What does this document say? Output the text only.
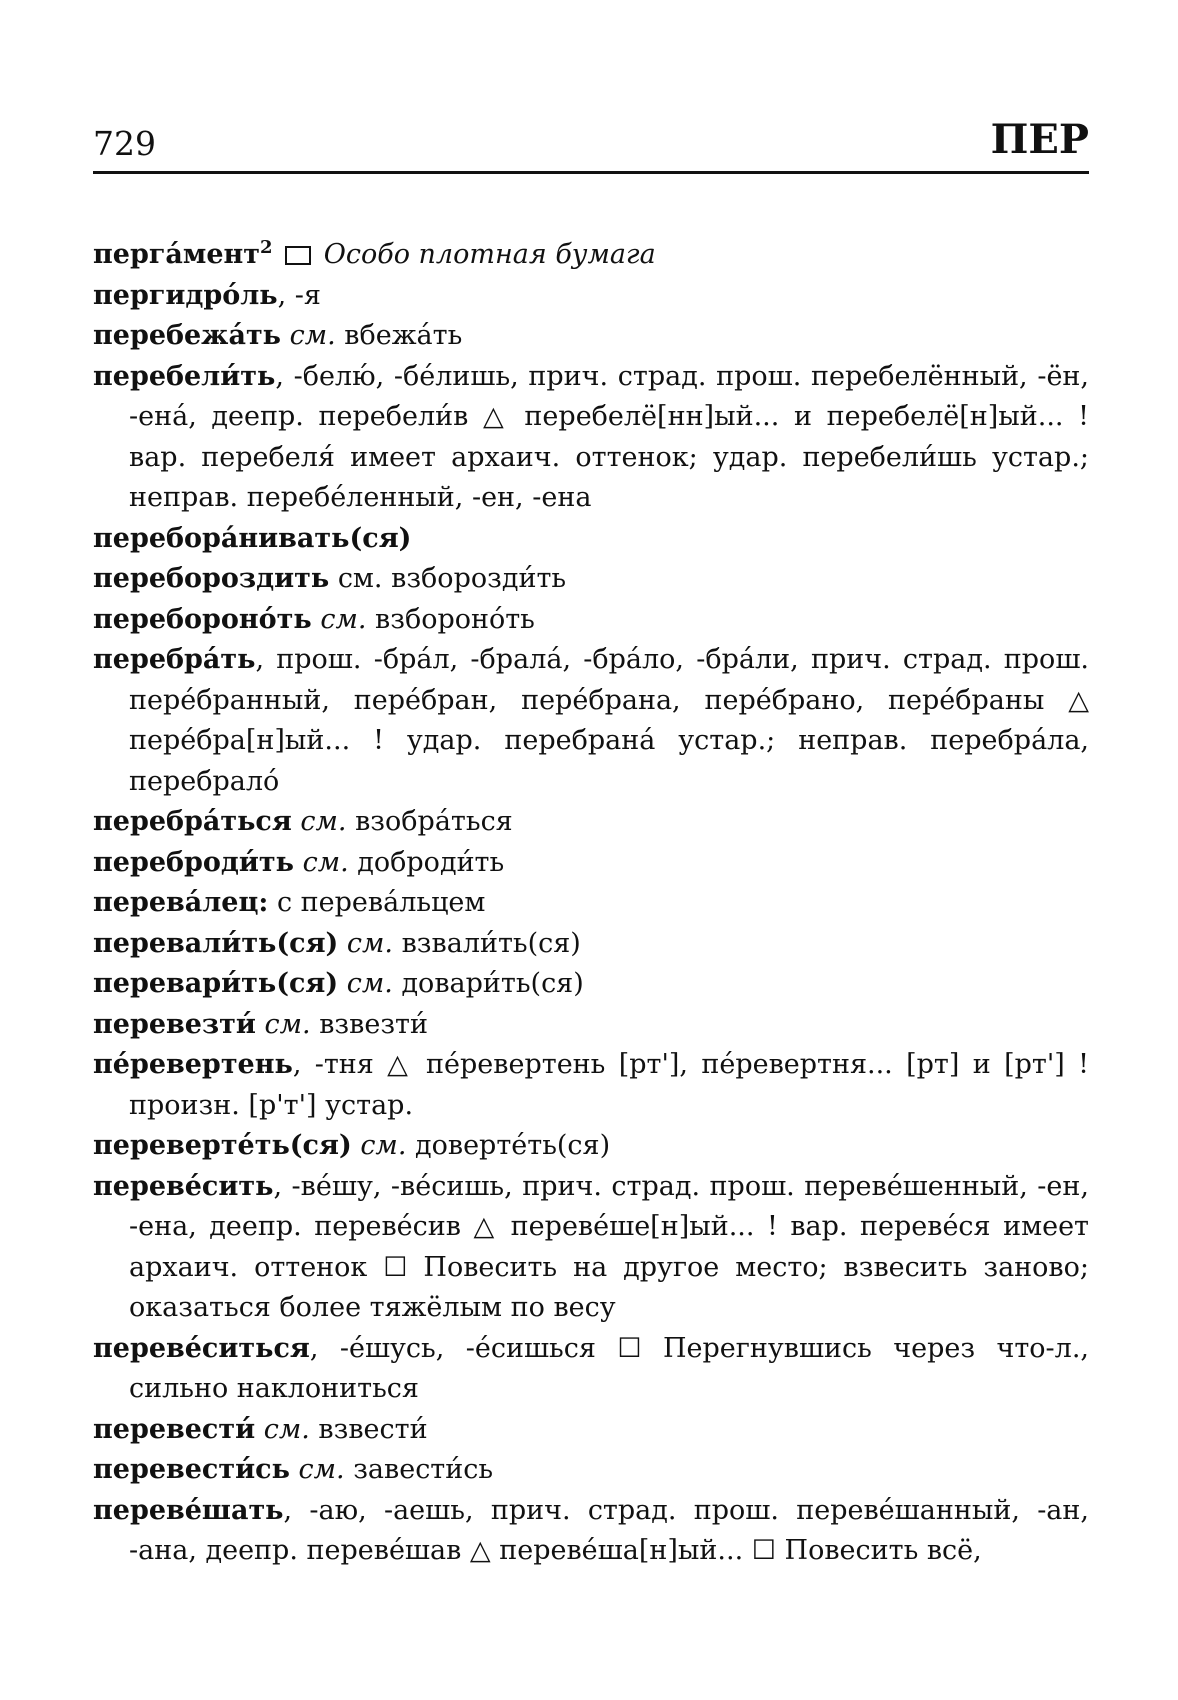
729	ПЕР

перга́мент$^2$ Особо плотная бумага

пергидро́ль, -я

перебежа́ть см. вбежа́ть

перебели́ть, -белю́, -бе́лишь, прич. страд. прош. перебелённый, -ён, -ена́, деепр. перебели́в △ перебелё[нн]ый... и перебелё[н]ый... ! вар. перебеля́ имеет архаич. оттенок; удар. перебели́шь устар.; неправ. перебе́ленный, -ен, -ена

переборáнивать(ся)

перебороздить см. взборозди́ть

перебороно́ть см. взбороно́ть

перебра́ть, прош. -бра́л, -брала́, -бра́ло, -бра́ли, прич. страд. прош. пере́бранный, пере́бран, пере́брана, пере́брано, пере́браны △ пере́бра[н]ый... ! удар. перебрана́ устар.; неправ. перебра́ла, перебрало́

перебра́ться см. взобра́ться

переброди́ть см. доброди́ть

перева́лец: с перева́льцем

перевали́ть(ся) см. взвали́ть(ся)

перевари́ть(ся) см. довари́ть(ся)

перевезти́ см. взвезти́

пе́ревертень, -тня △ пе́ревертень [рт'], пе́ревертня... [рт] и [рт'] ! произн. [р'т'] устар.

переверте́ть(ся) см. доверте́ть(ся)

переве́сить, -ве́шу, -ве́сишь, прич. страд. прош. переве́шенный, -ен, -ена, деепр. переве́сив △ переве́ше[н]ый... ! вар. переве́ся имеет архаич. оттенок ☐ Повесить на другое место; взвесить заново; оказаться более тяжёлым по весу

переве́ситься, -е́шусь, -е́сишься ☐ Перегнувшись через что-л., сильно наклониться

перевести́ см. взвести́

перевести́сь см. завести́сь

переве́шать, -аю, -аешь, прич. страд. прош. переве́шанный, -ан, -ана, деепр. переве́шав △ переве́ша[н]ый... ☐ Повесить всё,
